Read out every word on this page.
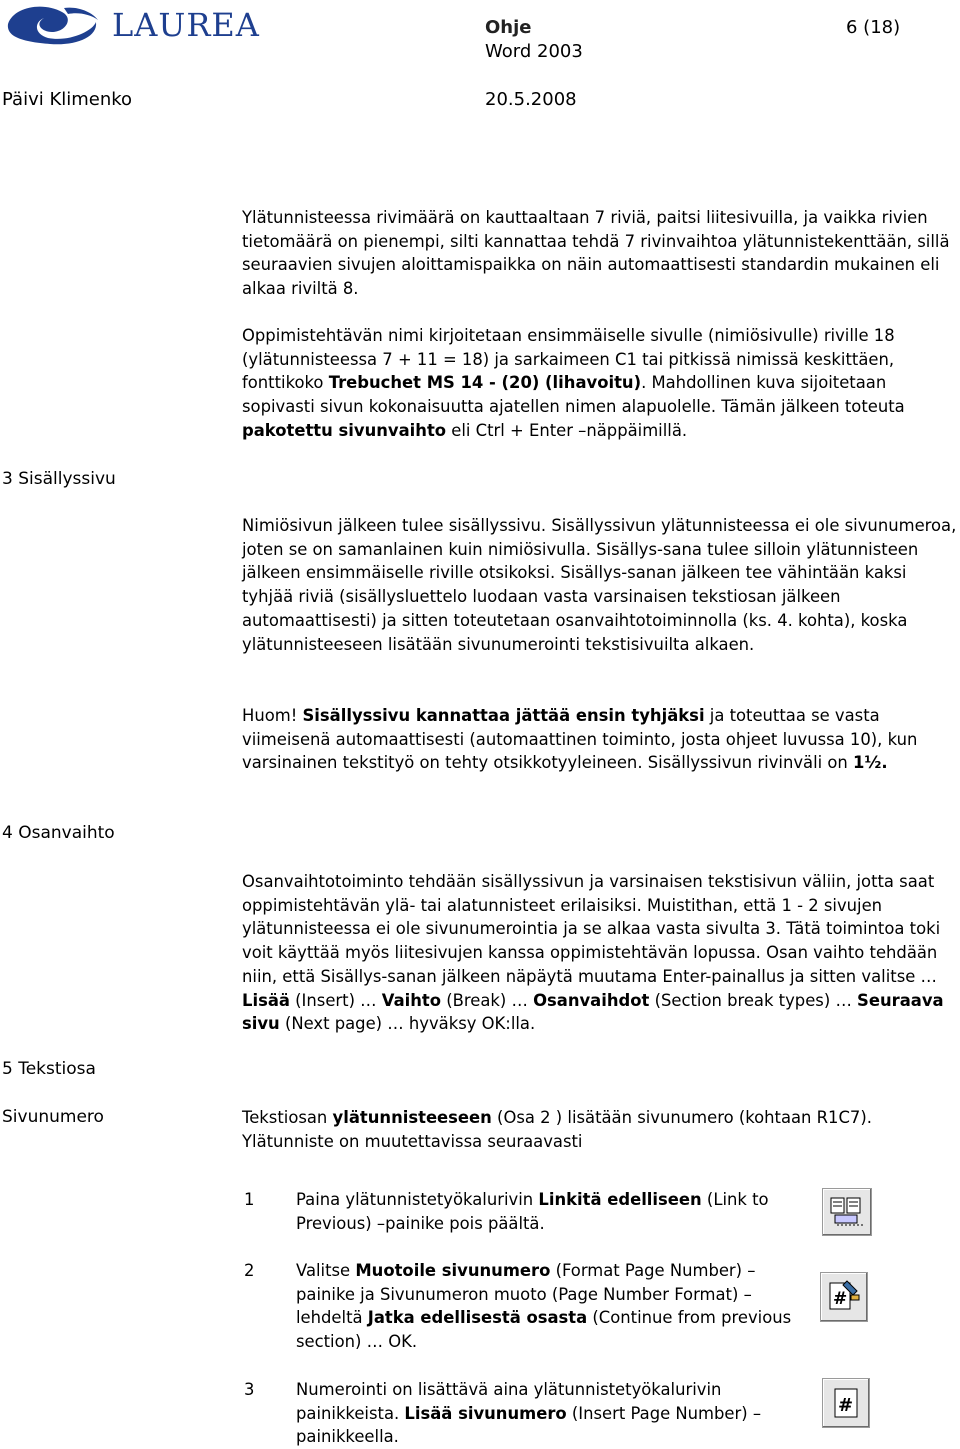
LAUREA	Ohje
Word 2003
6 (18)
Päivi Klimenko	20.5.2008
Ylätunnisteessa rivimäärä on kauttaaltaan 7 riviä, paitsi liitesivuilla, ja vaikka rivien tietomäärä on pienempi, silti kannattaa tehdä 7 rivinvaihtoa ylätunnistekenttään, sillä seuraavien sivujen aloittamispaikka on näin automaattisesti standardin mukainen eli alkaa riviltä 8.
Oppimistehtävän nimi kirjoitetaan ensimmäiselle sivulle (nimiösivulle) riville 18 (ylätunnisteessa 7 + 11 = 18) ja sarkaimeen C1 tai pitkissä nimissä keskittäen, fonttikoko Trebuchet MS 14 - (20) (lihavoitu). Mahdollinen kuva sijoitetaan sopivasti sivun kokonaisuutta ajatellen nimen alapuolelle. Tämän jälkeen toteuta pakotettu sivunvaihto eli Ctrl + Enter –näppäimillä.
3 Sisällyssivu
Nimiösivun jälkeen tulee sisällyssivu. Sisällyssivun ylätunnisteessa ei ole sivunumeroa, joten se on samanlainen kuin nimiösivulla. Sisällys-sana tulee silloin ylätunnisteen jälkeen ensimmäiselle riville otsikoksi. Sisällys-sanan jälkeen tee vähintään kaksi tyhjää riviä (sisällysluettelo luodaan vasta varsinaisen tekstiosan jälkeen automaattisesti) ja sitten toteutetaan osanvaihtotoiminnolla (ks. 4. kohta), koska ylätunnisteeseen lisätään sivunumerointi tekstisivuilta alkaen.
Huom! Sisällyssivu kannattaa jättää ensin tyhjäksi ja toteuttaa se vasta viimeisenä automaattisesti (automaattinen toiminto, josta ohjeet luvussa 10), kun varsinainen tekstityö on tehty otsikkotyyleineen. Sisällyssivun rivinväli on 1½.
4 Osanvaihto
Osanvaihtotoiminto tehdään sisällyssivun ja varsinaisen tekstisivun väliin, jotta saat oppimistehtävän ylä- tai alatunnisteet erilaisiksi. Muistithan, että 1 - 2 sivujen ylätunnisteessa ei ole sivunumerointia ja se alkaa vasta sivulta 3. Tätä toimintoa toki voit käyttää myös liitesivujen kanssa oppimistehtävän lopussa. Osan vaihto tehdään niin, että Sisällys-sanan jälkeen näpäytä muutama Enter-painallus ja sitten valitse … Lisää (Insert) … Vaihto (Break) … Osanvaihdot (Section break types) … Seuraava sivu (Next page) … hyväksy OK:lla.
5 Tekstiosa
Sivunumero	Tekstiosan ylätunnisteeseen (Osa 2 ) lisätään sivunumero (kohtaan R1C7). Ylätunniste on muutettavissa seuraavasti
1	Paina ylätunnistetyökalurivin Linkitä edelliseen (Link to Previous) –painike pois päältä.
2	Valitse Muotoile sivunumero (Format Page Number) –painike ja Sivunumeron muoto (Page Number Format) –lehdeltä Jatka edellisestä osasta (Continue from previous section) … OK.
3	Numerointi on lisättävä aina ylätunnistetyökalurivin painikkeista. Lisää sivunumero (Insert Page Number) –painikkeella.
#
#
